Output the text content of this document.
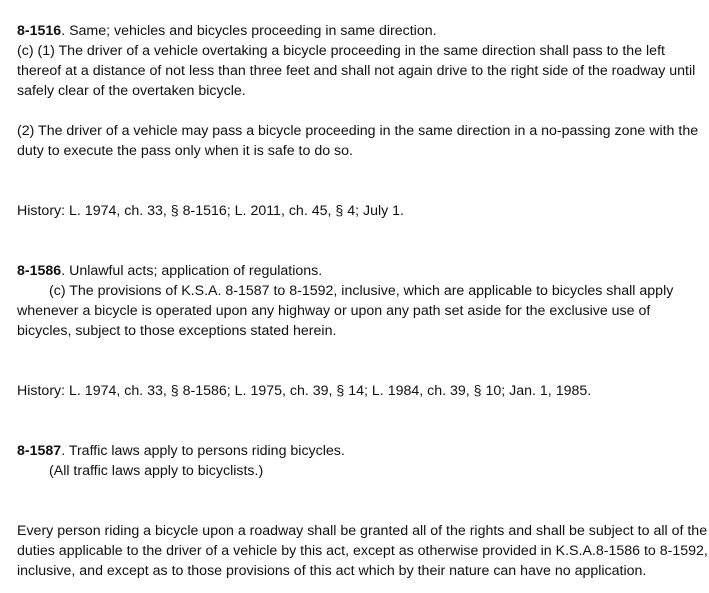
8-1516. Same; vehicles and bicycles proceeding in same direction.
(c) (1) The driver of a vehicle overtaking a bicycle proceeding in the same direction shall pass to the left
thereof at a distance of not less than three feet and shall not again drive to the right side of the roadway until
safely clear of the overtaken bicycle.
(2) The driver of a vehicle may pass a bicycle proceeding in the same direction in a no-passing zone with the
duty to execute the pass only when it is safe to do so.
History: L. 1974, ch. 33, § 8-1516; L. 2011, ch. 45, § 4; July 1.
8-1586. Unlawful acts; application of regulations.
(c) The provisions of K.S.A. 8-1587 to 8-1592, inclusive, which are applicable to bicycles shall apply
whenever a bicycle is operated upon any highway or upon any path set aside for the exclusive use of
bicycles, subject to those exceptions stated herein.
History: L. 1974, ch. 33, § 8-1586; L. 1975, ch. 39, § 14; L. 1984, ch. 39, § 10; Jan. 1, 1985.
8-1587. Traffic laws apply to persons riding bicycles.
(All traffic laws apply to bicyclists.)
Every person riding a bicycle upon a roadway shall be granted all of the rights and shall be subject to all of the
duties applicable to the driver of a vehicle by this act, except as otherwise provided in K.S.A.8-1586 to 8-1592,
inclusive, and except as to those provisions of this act which by their nature can have no application.
